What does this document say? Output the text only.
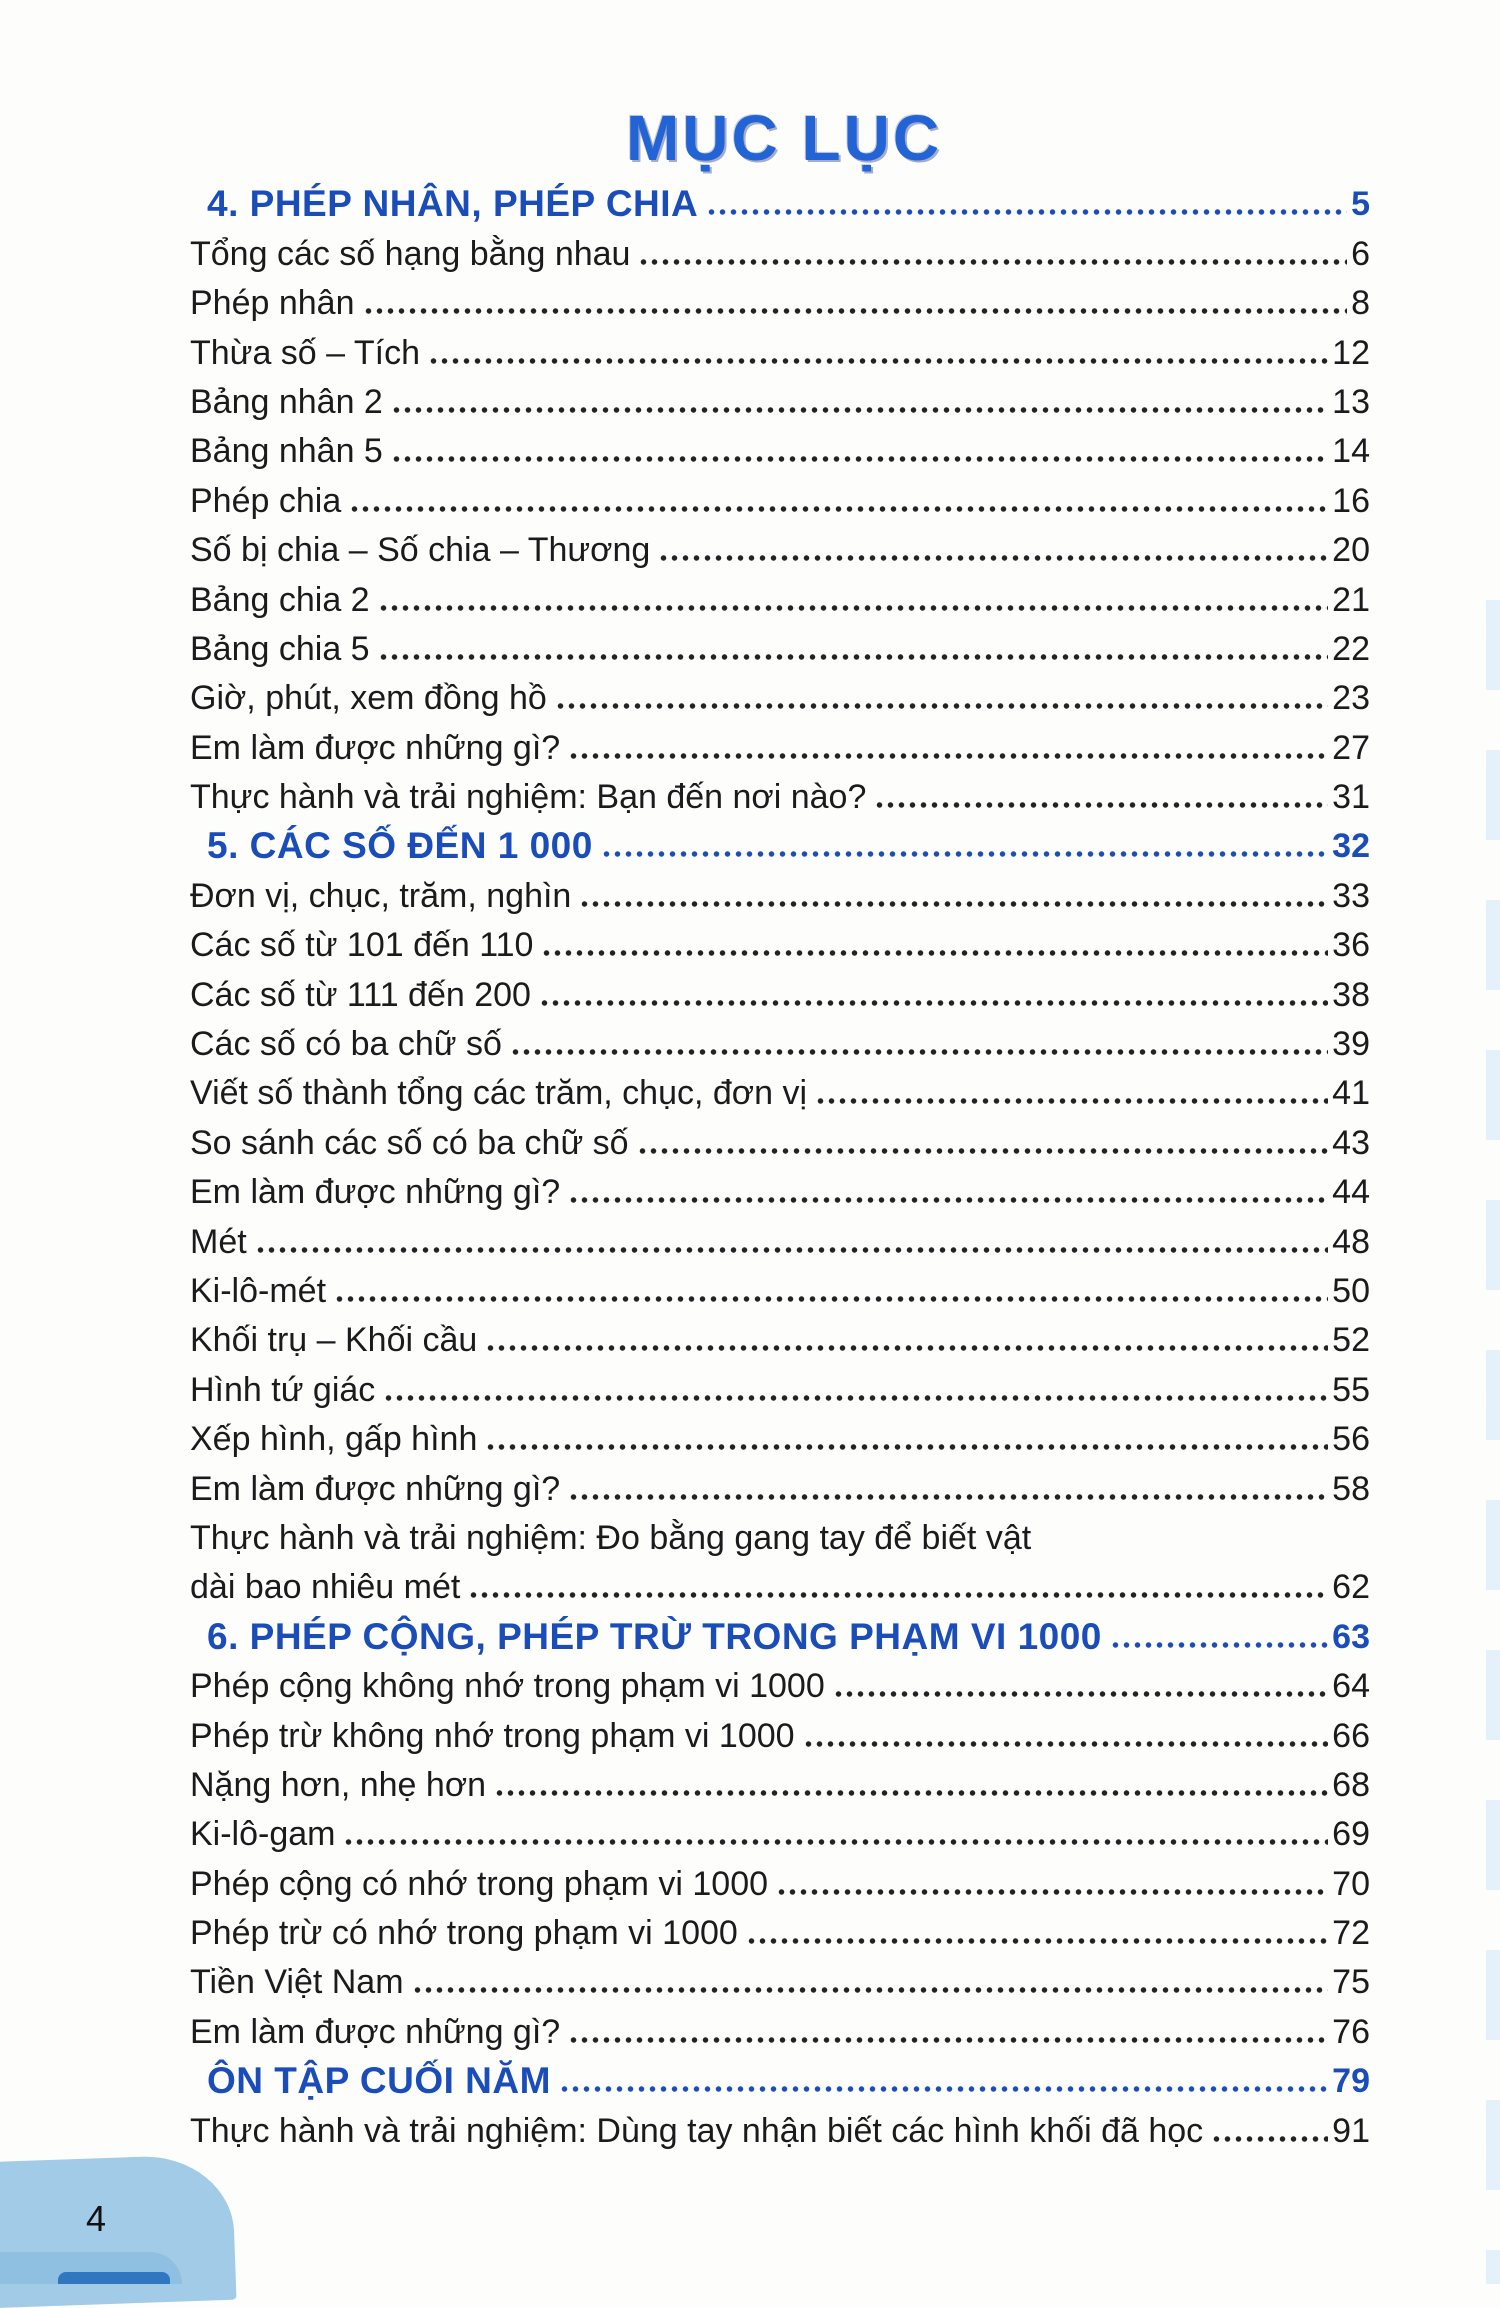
MỤC LỤC
4. PHÉP NHÂN, PHÉP CHIA	5
Tổng các số hạng bằng nhau	6
Phép nhân	8
Thừa số – Tích	12
Bảng nhân 2	13
Bảng nhân 5	14
Phép chia	16
Số bị chia – Số chia – Thương	20
Bảng chia 2	21
Bảng chia 5	22
Giờ, phút, xem đồng hồ	23
Em làm được những gì?	27
Thực hành và trải nghiệm: Bạn đến nơi nào?	31
5. CÁC SỐ ĐẾN 1 000	32
Đơn vị, chục, trăm, nghìn	33
Các số từ 101 đến 110	36
Các số từ 111 đến 200	38
Các số có ba chữ số	39
Viết số thành tổng các trăm, chục, đơn vị	41
So sánh các số có ba chữ số	43
Em làm được những gì?	44
Mét	48
Ki-lô-mét	50
Khối trụ – Khối cầu	52
Hình tứ giác	55
Xếp hình, gấp hình	56
Em làm được những gì?	58
Thực hành và trải nghiệm: Đo bằng gang tay để biết vật
dài bao nhiêu mét	62
6. PHÉP CỘNG, PHÉP TRỪ TRONG PHẠM VI 1000	63
Phép cộng không nhớ trong phạm vi 1000	64
Phép trừ không nhớ trong phạm vi 1000	66
Nặng hơn, nhẹ hơn	68
Ki-lô-gam	69
Phép cộng có nhớ trong phạm vi 1000	70
Phép trừ có nhớ trong phạm vi 1000	72
Tiền Việt Nam	75
Em làm được những gì?	76
ÔN TẬP CUỐI NĂM	79
Thực hành và trải nghiệm: Dùng tay nhận biết các hình khối đã học	91
4
